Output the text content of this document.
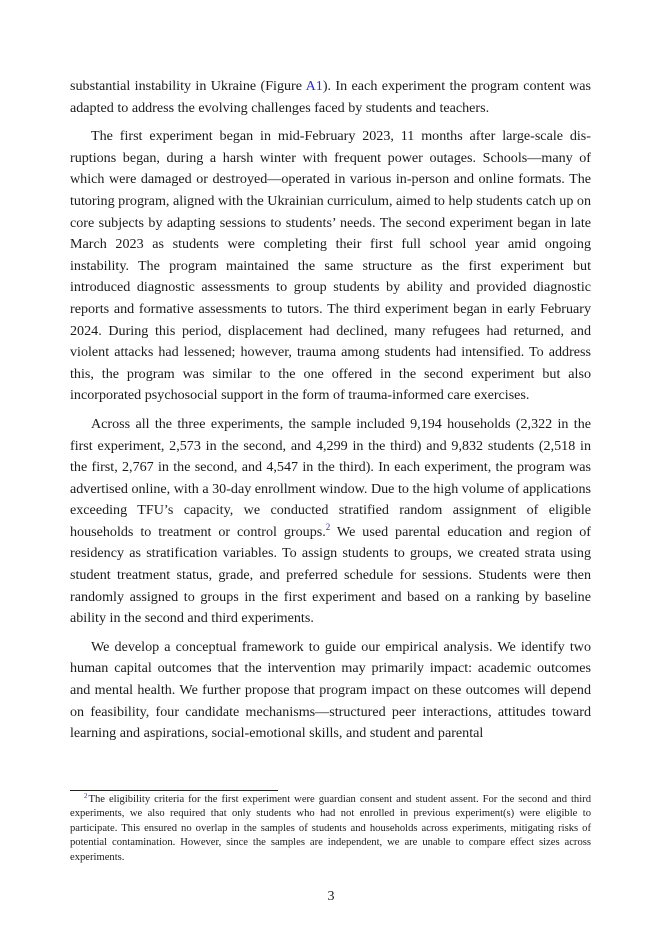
substantial instability in Ukraine (Figure A1). In each experiment the program content was adapted to address the evolving challenges faced by students and teachers.

The first experiment began in mid-February 2023, 11 months after large-scale disruptions began, during a harsh winter with frequent power outages. Schools—many of which were damaged or destroyed—operated in various in-person and online formats. The tutoring program, aligned with the Ukrainian curriculum, aimed to help students catch up on core subjects by adapting sessions to students’ needs. The second experiment began in late March 2023 as students were completing their first full school year amid ongoing instability. The program maintained the same structure as the first experiment but introduced diagnostic assessments to group students by ability and provided diagnostic reports and formative assessments to tutors. The third experiment began in early February 2024. During this period, displacement had declined, many refugees had returned, and violent attacks had lessened; however, trauma among students had intensified. To address this, the program was similar to the one offered in the second experiment but also incorporated psychosocial support in the form of trauma-informed care exercises.

Across all the three experiments, the sample included 9,194 households (2,322 in the first experiment, 2,573 in the second, and 4,299 in the third) and 9,832 students (2,518 in the first, 2,767 in the second, and 4,547 in the third). In each experiment, the program was advertised online, with a 30-day enrollment window. Due to the high volume of applications exceeding TFU’s capacity, we conducted stratified random assignment of eligible households to treatment or control groups.$^2$ We used parental education and region of residency as stratification variables. To assign students to groups, we created strata using student treatment status, grade, and preferred schedule for sessions. Students were then randomly assigned to groups in the first experiment and based on a ranking by baseline ability in the second and third experiments.

We develop a conceptual framework to guide our empirical analysis. We identify two human capital outcomes that the intervention may primarily impact: academic outcomes and mental health. We further propose that program impact on these outcomes will depend on feasibility, four candidate mechanisms—structured peer interactions, attitudes toward learning and aspirations, social-emotional skills, and student and parental

$^2$The eligibility criteria for the first experiment were guardian consent and student assent. For the second and third experiments, we also required that only students who had not enrolled in previous experiment(s) were eligible to participate. This ensured no overlap in the samples of students and households across experiments, mitigating risks of potential contamination. However, since the samples are independent, we are unable to compare effect sizes across experiments.

3
